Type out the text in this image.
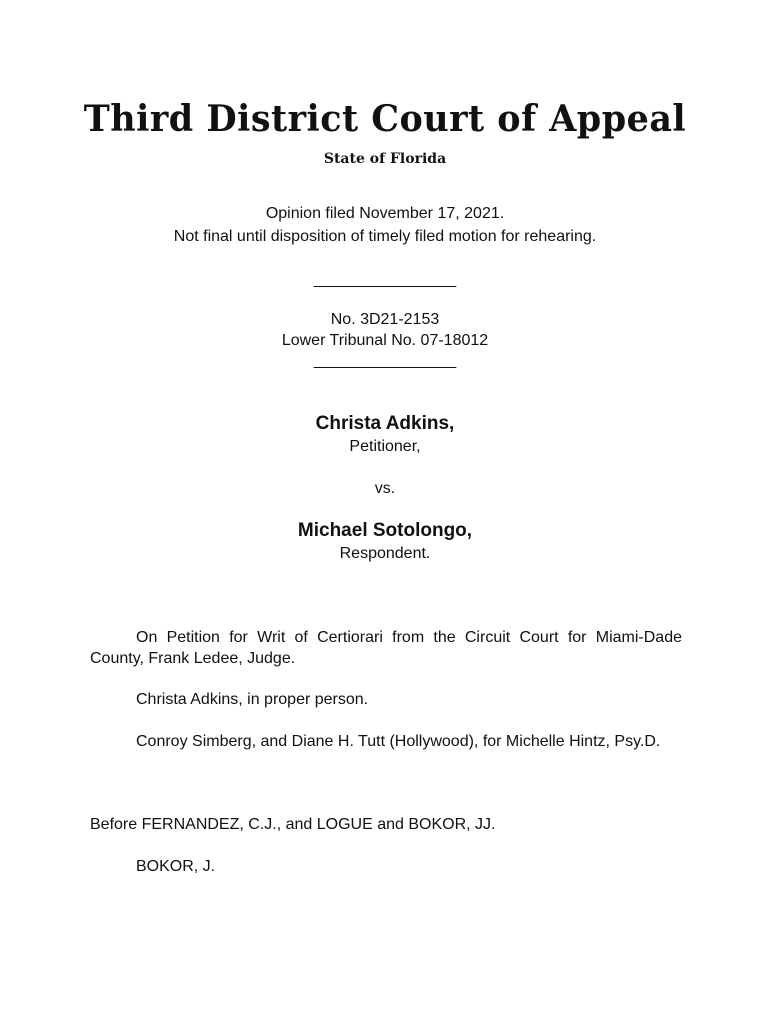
Third District Court of Appeal
State of Florida
Opinion filed November 17, 2021.
Not final until disposition of timely filed motion for rehearing.
________________
No. 3D21-2153
Lower Tribunal No. 07-18012
________________
Christa Adkins,
Petitioner,
vs.
Michael Sotolongo,
Respondent.
On Petition for Writ of Certiorari from the Circuit Court for Miami-Dade County, Frank Ledee, Judge.
Christa Adkins, in proper person.
Conroy Simberg, and Diane H. Tutt (Hollywood), for Michelle Hintz, Psy.D.
Before FERNANDEZ, C.J., and LOGUE and BOKOR, JJ.
BOKOR, J.
